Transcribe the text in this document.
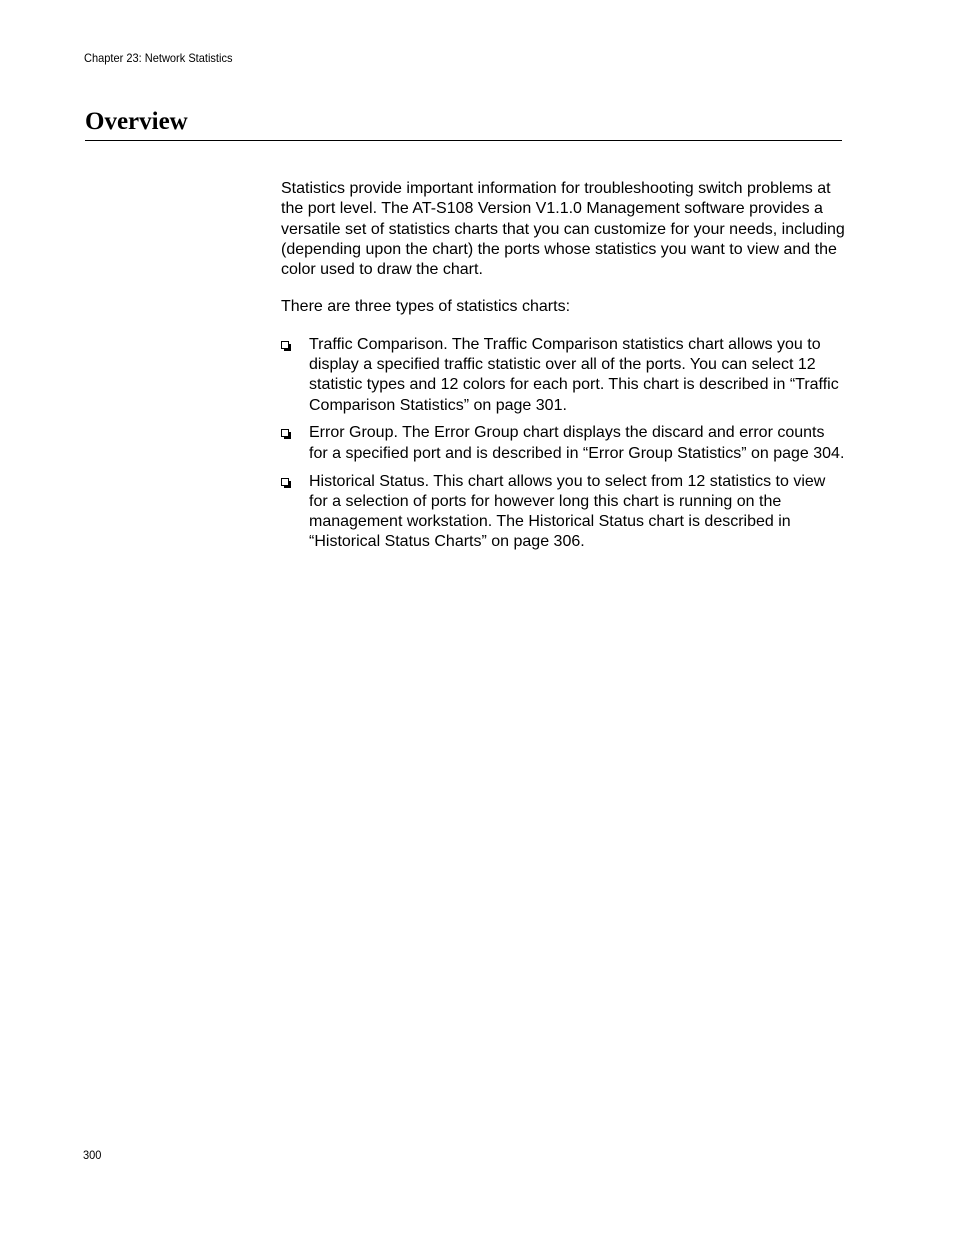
Chapter 23: Network Statistics
Overview

Statistics provide important information for troubleshooting switch problems at the port level. The AT-S108 Version V1.1.0 Management software provides a versatile set of statistics charts that you can customize for your needs, including (depending upon the chart) the ports whose statistics you want to view and the color used to draw the chart.

There are three types of statistics charts:

Traffic Comparison. The Traffic Comparison statistics chart allows you to display a specified traffic statistic over all of the ports. You can select 12 statistic types and 12 colors for each port. This chart is described in “Traffic Comparison Statistics” on page 301.
Error Group. The Error Group chart displays the discard and error counts for a specified port and is described in “Error Group Statistics” on page 304.
Historical Status. This chart allows you to select from 12 statistics to view for a selection of ports for however long this chart is running on the management workstation. The Historical Status chart is described in “Historical Status Charts” on page 306.
300
